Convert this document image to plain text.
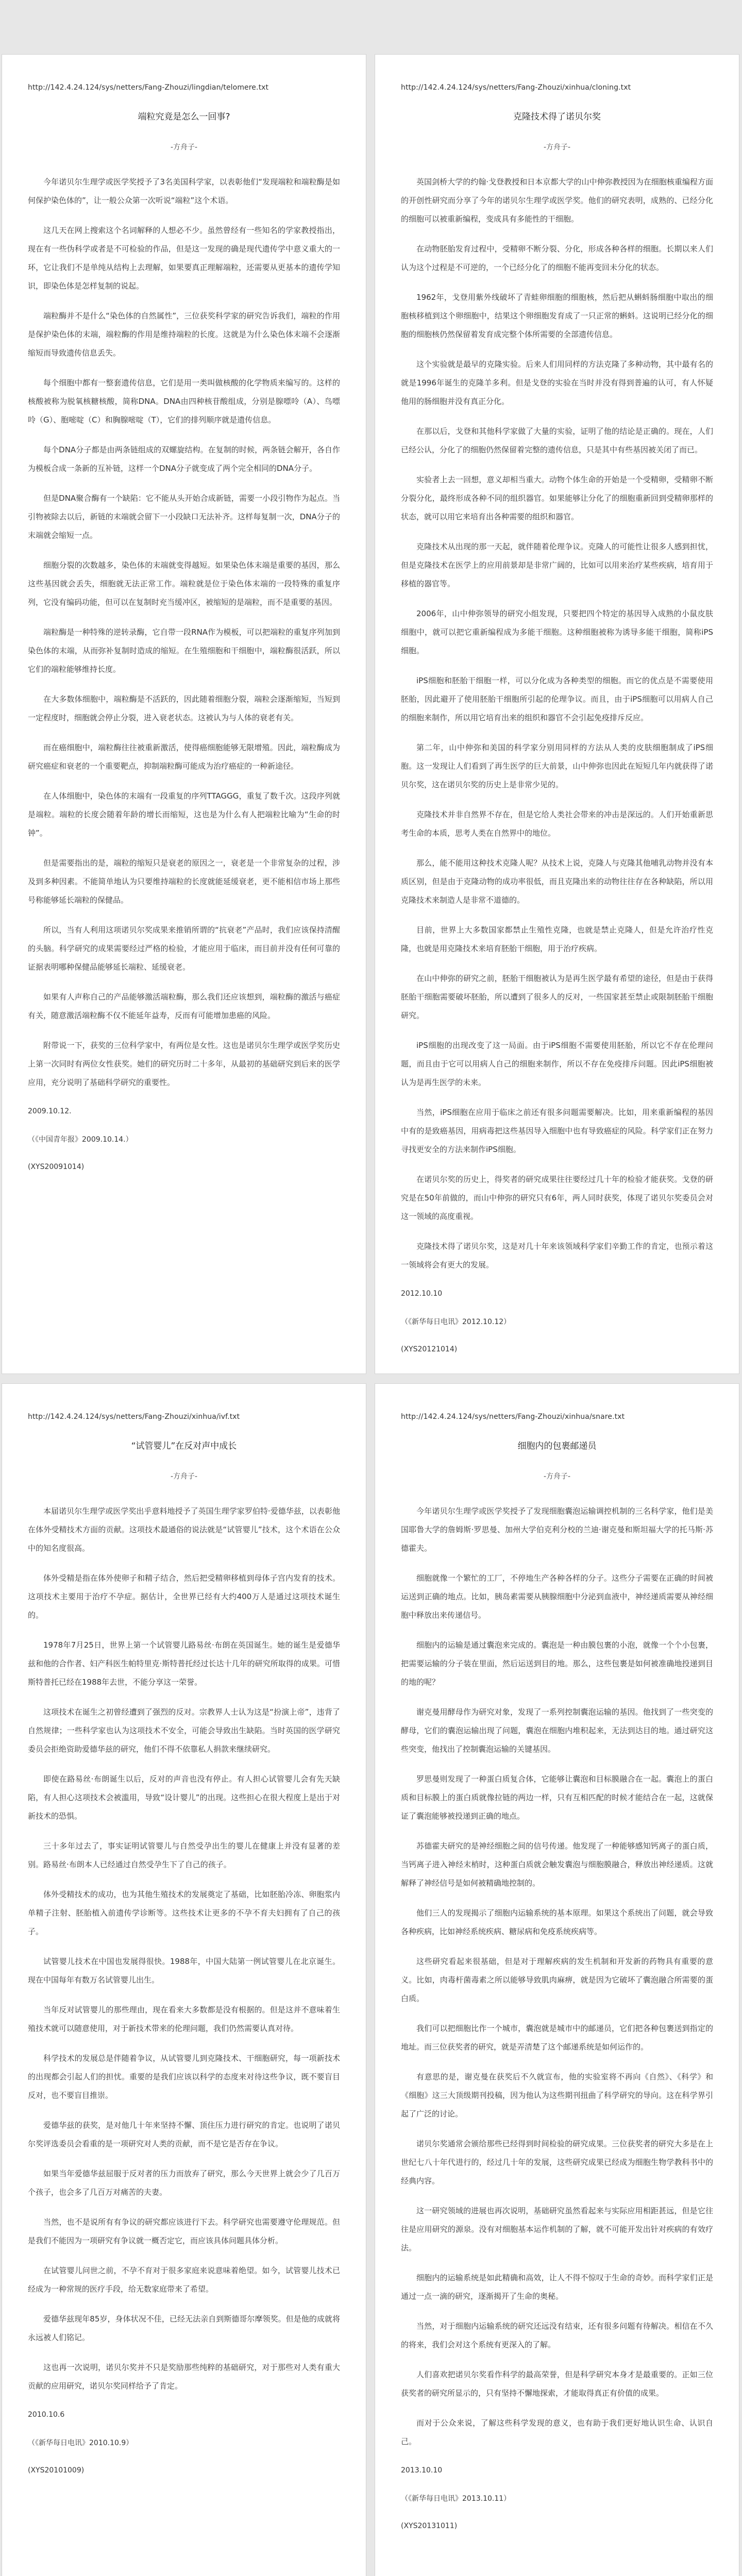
http://142.4.24.124/sys/netters/Fang-Zhouzi/lingdian/telomere.txt
端粒究竟是怎么一回事?
-方舟子-

今年诺贝尔生理学或医学奖授予了3名美国科学家，以表彰他们“发现端粒和端粒酶是如何保护染色体的”，让一般公众第一次听说“端粒”这个术语。

这几天在网上搜索这个名词解释的人想必不少。虽然曾经有一些知名的学家教授指出，现在有一些伪科学或者是不可检验的作品，但是这一发现的确是现代遗传学中意义重大的一环，它让我们不是单纯从结构上去理解，如果要真正理解端粒，还需要从更基本的遗传学知识，即染色体是怎样复制的说起。

端粒酶并不是什么“染色体的自然属性”，三位获奖科学家的研究告诉我们，端粒的作用是保护染色体的末端，端粒酶的作用是维持端粒的长度。这就是为什么染色体末端不会逐渐缩短而导致遗传信息丢失。

每个细胞中都有一整套遗传信息，它们是用一类叫做核酸的化学物质来编写的。这样的核酸被称为脱氧核糖核酸，简称DNA。DNA由四种核苷酸组成，分别是腺嘌呤（A）、鸟嘌呤（G）、胞嘧啶（C）和胸腺嘧啶（T），它们的排列顺序就是遗传信息。

每个DNA分子都是由两条链组成的双螺旋结构。在复制的时候，两条链会解开，各自作为模板合成一条新的互补链，这样一个DNA分子就变成了两个完全相同的DNA分子。

但是DNA聚合酶有一个缺陷：它不能从头开始合成新链，需要一小段引物作为起点。当引物被除去以后，新链的末端就会留下一小段缺口无法补齐。这样每复制一次，DNA分子的末端就会缩短一点。

细胞分裂的次数越多，染色体的末端就变得越短。如果染色体末端是重要的基因，那么这些基因就会丢失，细胞就无法正常工作。端粒就是位于染色体末端的一段特殊的重复序列，它没有编码功能，但可以在复制时充当缓冲区，被缩短的是端粒，而不是重要的基因。

端粒酶是一种特殊的逆转录酶，它自带一段RNA作为模板，可以把端粒的重复序列加到染色体的末端，从而弥补复制时造成的缩短。在生殖细胞和干细胞中，端粒酶很活跃，所以它们的端粒能够维持长度。

在大多数体细胞中，端粒酶是不活跃的，因此随着细胞分裂，端粒会逐渐缩短，当短到一定程度时，细胞就会停止分裂，进入衰老状态。这被认为与人体的衰老有关。

而在癌细胞中，端粒酶往往被重新激活，使得癌细胞能够无限增殖。因此，端粒酶成为研究癌症和衰老的一个重要靶点，抑制端粒酶可能成为治疗癌症的一种新途径。

在人体细胞中，染色体的末端有一段重复的序列TTAGGG，重复了数千次。这段序列就是端粒。端粒的长度会随着年龄的增长而缩短，这也是为什么有人把端粒比喻为“生命的时钟”。

但是需要指出的是，端粒的缩短只是衰老的原因之一，衰老是一个非常复杂的过程，涉及到多种因素。不能简单地认为只要维持端粒的长度就能延缓衰老，更不能相信市场上那些号称能够延长端粒的保健品。

所以，当有人利用这项诺贝尔奖成果来推销所谓的“抗衰老”产品时，我们应该保持清醒的头脑。科学研究的成果需要经过严格的检验，才能应用于临床，而目前并没有任何可靠的证据表明哪种保健品能够延长端粒、延缓衰老。

如果有人声称自己的产品能够激活端粒酶，那么我们还应该想到，端粒酶的激活与癌症有关，随意激活端粒酶不仅不能延年益寿，反而有可能增加患癌的风险。

附带说一下，获奖的三位科学家中，有两位是女性。这也是诺贝尔生理学或医学奖历史上第一次同时有两位女性获奖。她们的研究历时二十多年，从最初的基础研究到后来的医学应用，充分说明了基础科学研究的重要性。

2009.10.12.
（《中国青年报》2009.10.14.）
(XYS20091014)
http://142.4.24.124/sys/netters/Fang-Zhouzi/xinhua/cloning.txt
克隆技术得了诺贝尔奖
-方舟子-

英国剑桥大学的约翰·戈登教授和日本京都大学的山中伸弥教授因为在细胞核重编程方面的开创性研究而分享了今年的诺贝尔生理学或医学奖。他们的研究表明，成熟的、已经分化的细胞可以被重新编程，变成具有多能性的干细胞。

在动物胚胎发育过程中，受精卵不断分裂、分化，形成各种各样的细胞。长期以来人们认为这个过程是不可逆的，一个已经分化了的细胞不能再变回未分化的状态。

1962年，戈登用紫外线破坏了青蛙卵细胞的细胞核，然后把从蝌蚪肠细胞中取出的细胞核移植到这个卵细胞中，结果这个卵细胞发育成了一只正常的蝌蚪。这说明已经分化的细胞的细胞核仍然保留着发育成完整个体所需要的全部遗传信息。

这个实验就是最早的克隆实验。后来人们用同样的方法克隆了多种动物，其中最有名的就是1996年诞生的克隆羊多利。但是戈登的实验在当时并没有得到普遍的认可，有人怀疑他用的肠细胞并没有真正分化。

在那以后，戈登和其他科学家做了大量的实验，证明了他的结论是正确的。现在，人们已经公认，分化了的细胞仍然保留着完整的遗传信息，只是其中有些基因被关闭了而已。

实验者上去一回想，意义却相当重大。动物个体生命的开始是一个受精卵，受精卵不断分裂分化，最终形成各种不同的组织器官。如果能够让分化了的细胞重新回到受精卵那样的状态，就可以用它来培育出各种需要的组织和器官。

克隆技术从出现的那一天起，就伴随着伦理争议。克隆人的可能性让很多人感到担忧，但是克隆技术在医学上的应用前景却是非常广阔的，比如可以用来治疗某些疾病，培育用于移植的器官等。

2006年，山中伸弥领导的研究小组发现，只要把四个特定的基因导入成熟的小鼠皮肤细胞中，就可以把它重新编程成为多能干细胞。这种细胞被称为诱导多能干细胞，简称iPS细胞。

iPS细胞和胚胎干细胞一样，可以分化成为各种类型的细胞。而它的优点是不需要使用胚胎，因此避开了使用胚胎干细胞所引起的伦理争议。而且，由于iPS细胞可以用病人自己的细胞来制作，所以用它培育出来的组织和器官不会引起免疫排斥反应。

第二年，山中伸弥和美国的科学家分别用同样的方法从人类的皮肤细胞制成了iPS细胞。这一发现让人们看到了再生医学的巨大前景，山中伸弥也因此在短短几年内就获得了诺贝尔奖，这在诺贝尔奖的历史上是非常少见的。

克隆技术并非自然界不存在，但是它给人类社会带来的冲击是深远的。人们开始重新思考生命的本质，思考人类在自然界中的地位。

那么，能不能用这种技术克隆人呢？从技术上说，克隆人与克隆其他哺乳动物并没有本质区别，但是由于克隆动物的成功率很低，而且克隆出来的动物往往存在各种缺陷，所以用克隆技术来制造人是非常不道德的。

目前，世界上大多数国家都禁止生殖性克隆，也就是禁止克隆人，但是允许治疗性克隆，也就是用克隆技术来培育胚胎干细胞，用于治疗疾病。

在山中伸弥的研究之前，胚胎干细胞被认为是再生医学最有希望的途径，但是由于获得胚胎干细胞需要破坏胚胎，所以遭到了很多人的反对，一些国家甚至禁止或限制胚胎干细胞研究。

iPS细胞的出现改变了这一局面。由于iPS细胞不需要使用胚胎，所以它不存在伦理问题，而且由于它可以用病人自己的细胞来制作，所以不存在免疫排斥问题。因此iPS细胞被认为是再生医学的未来。

当然，iPS细胞在应用于临床之前还有很多问题需要解决。比如，用来重新编程的基因中有的是致癌基因，用病毒把这些基因导入细胞中也有导致癌症的风险。科学家们正在努力寻找更安全的方法来制作iPS细胞。

在诺贝尔奖的历史上，得奖者的研究成果往往要经过几十年的检验才能获奖。戈登的研究是在50年前做的，而山中伸弥的研究只有6年，两人同时获奖，体现了诺贝尔奖委员会对这一领域的高度重视。

克隆技术得了诺贝尔奖，这是对几十年来该领域科学家们辛勤工作的肯定，也预示着这一领域将会有更大的发展。

2012.10.10
（《新华每日电讯》2012.10.12）
(XYS20121014)
http://142.4.24.124/sys/netters/Fang-Zhouzi/xinhua/ivf.txt
“试管婴儿”在反对声中成长
-方舟子-

本届诺贝尔生理学或医学奖出乎意料地授予了英国生理学家罗伯特·爱德华兹，以表彰他在体外受精技术方面的贡献。这项技术最通俗的说法就是“试管婴儿”技术，这个术语在公众中的知名度很高。

体外受精是指在体外使卵子和精子结合，然后把受精卵移植到母体子宫内发育的技术。这项技术主要用于治疗不孕症。据估计，全世界已经有大约400万人是通过这项技术诞生的。

1978年7月25日，世界上第一个试管婴儿路易丝·布朗在英国诞生。她的诞生是爱德华兹和他的合作者、妇产科医生帕特里克·斯特普托经过长达十几年的研究所取得的成果。可惜斯特普托已经在1988年去世，不能分享这一荣誉。

这项技术在诞生之初曾经遭到了强烈的反对。宗教界人士认为这是“扮演上帝”，违背了自然规律；一些科学家也认为这项技术不安全，可能会导致出生缺陷。当时英国的医学研究委员会拒绝资助爱德华兹的研究，他们不得不依靠私人捐款来继续研究。

即使在路易丝·布朗诞生以后，反对的声音也没有停止。有人担心试管婴儿会有先天缺陷，有人担心这项技术会被滥用，导致“设计婴儿”的出现。这些担心在很大程度上是出于对新技术的恐惧。

三十多年过去了，事实证明试管婴儿与自然受孕出生的婴儿在健康上并没有显著的差别。路易丝·布朗本人已经通过自然受孕生下了自己的孩子。

体外受精技术的成功，也为其他生殖技术的发展奠定了基础，比如胚胎冷冻、卵胞浆内单精子注射、胚胎植入前遗传学诊断等。这些技术让更多的不孕不育夫妇拥有了自己的孩子。

试管婴儿技术在中国也发展得很快。1988年，中国大陆第一例试管婴儿在北京诞生。现在中国每年有数万名试管婴儿出生。

当年反对试管婴儿的那些理由，现在看来大多数都是没有根据的。但是这并不意味着生殖技术就可以随意使用，对于新技术带来的伦理问题，我们仍然需要认真对待。

科学技术的发展总是伴随着争议，从试管婴儿到克隆技术、干细胞研究，每一项新技术的出现都会引起人们的担忧。重要的是我们应该以科学的态度来对待这些争议，既不要盲目反对，也不要盲目推崇。

爱德华兹的获奖，是对他几十年来坚持不懈、顶住压力进行研究的肯定。也说明了诺贝尔奖评选委员会看重的是一项研究对人类的贡献，而不是它是否存在争议。

如果当年爱德华兹屈服于反对者的压力而放弃了研究，那么今天世界上就会少了几百万个孩子，也会多了几百万对痛苦的夫妻。

当然，也不是说所有有争议的研究都应该进行下去。科学研究也需要遵守伦理规范。但是我们不能因为一项研究有争议就一概否定它，而应该具体问题具体分析。

在试管婴儿问世之前，不孕不育对于很多家庭来说意味着绝望。如今，试管婴儿技术已经成为一种常规的医疗手段，给无数家庭带来了希望。

爱德华兹现年85岁，身体状况不佳，已经无法亲自到斯德哥尔摩领奖。但是他的成就将永远被人们铭记。

这也再一次说明，诺贝尔奖并不只是奖励那些纯粹的基础研究，对于那些对人类有重大贡献的应用研究，诺贝尔奖同样给予了肯定。

2010.10.6
（《新华每日电讯》2010.10.9）
(XYS20101009)
http://142.4.24.124/sys/netters/Fang-Zhouzi/xinhua/snare.txt
细胞内的包裹邮递员
-方舟子-

今年诺贝尔生理学或医学奖授予了发现细胞囊泡运输调控机制的三名科学家，他们是美国耶鲁大学的詹姆斯·罗思曼、加州大学伯克利分校的兰迪·谢克曼和斯坦福大学的托马斯·苏德霍夫。

细胞就像一个繁忙的工厂，不停地生产各种各样的分子。这些分子需要在正确的时间被运送到正确的地点。比如，胰岛素需要从胰腺细胞中分泌到血液中，神经递质需要从神经细胞中释放出来传递信号。

细胞内的运输是通过囊泡来完成的。囊泡是一种由膜包裹的小泡，就像一个个小包裹，把需要运输的分子装在里面，然后运送到目的地。那么，这些包裹是如何被准确地投递到目的地的呢？

谢克曼用酵母作为研究对象，发现了一系列控制囊泡运输的基因。他找到了一些突变的酵母，它们的囊泡运输出现了问题，囊泡在细胞内堆积起来，无法到达目的地。通过研究这些突变，他找出了控制囊泡运输的关键基因。

罗思曼则发现了一种蛋白质复合体，它能够让囊泡和目标膜融合在一起。囊泡上的蛋白质和目标膜上的蛋白质就像拉链的两边一样，只有互相匹配的时候才能结合在一起，这就保证了囊泡能够被投递到正确的地点。

苏德霍夫研究的是神经细胞之间的信号传递。他发现了一种能够感知钙离子的蛋白质，当钙离子进入神经末梢时，这种蛋白质就会触发囊泡与细胞膜融合，释放出神经递质。这就解释了神经信号是如何被精确地控制的。

他们三人的发现揭示了细胞内运输系统的基本原理。如果这个系统出了问题，就会导致各种疾病，比如神经系统疾病、糖尿病和免疫系统疾病等。

这些研究看起来很基础，但是对于理解疾病的发生机制和开发新的药物具有重要的意义。比如，肉毒杆菌毒素之所以能够导致肌肉麻痹，就是因为它破坏了囊泡融合所需要的蛋白质。

我们可以把细胞比作一个城市，囊泡就是城市中的邮递员，它们把各种包裹送到指定的地址。而三位获奖者的研究，就是弄清楚了这个邮递系统是如何运作的。

有意思的是，谢克曼在获奖后不久就宣布，他的实验室将不再向《自然》、《科学》和《细胞》这三大顶级期刊投稿，因为他认为这些期刊扭曲了科学研究的导向。这在科学界引起了广泛的讨论。

诺贝尔奖通常会颁给那些已经得到时间检验的研究成果。三位获奖者的研究大多是在上世纪七八十年代进行的，经过几十年的发展，这些研究成果已经成为细胞生物学教科书中的经典内容。

这一研究领域的进展也再次说明，基础研究虽然看起来与实际应用相距甚远，但是它往往是应用研究的源泉。没有对细胞基本运作机制的了解，就不可能开发出针对疾病的有效疗法。

细胞内的运输系统是如此精确和高效，让人不得不惊叹于生命的奇妙。而科学家们正是通过一点一滴的研究，逐渐揭开了生命的奥秘。

当然，对于细胞内运输系统的研究还远没有结束，还有很多问题有待解决。相信在不久的将来，我们会对这个系统有更深入的了解。

人们喜欢把诺贝尔奖看作科学的最高荣誉，但是科学研究本身才是最重要的。正如三位获奖者的研究所显示的，只有坚持不懈地探索，才能取得真正有价值的成果。

而对于公众来说，了解这些科学发现的意义，也有助于我们更好地认识生命、认识自己。

2013.10.10
（《新华每日电讯》2013.10.11）
(XYS20131011)
